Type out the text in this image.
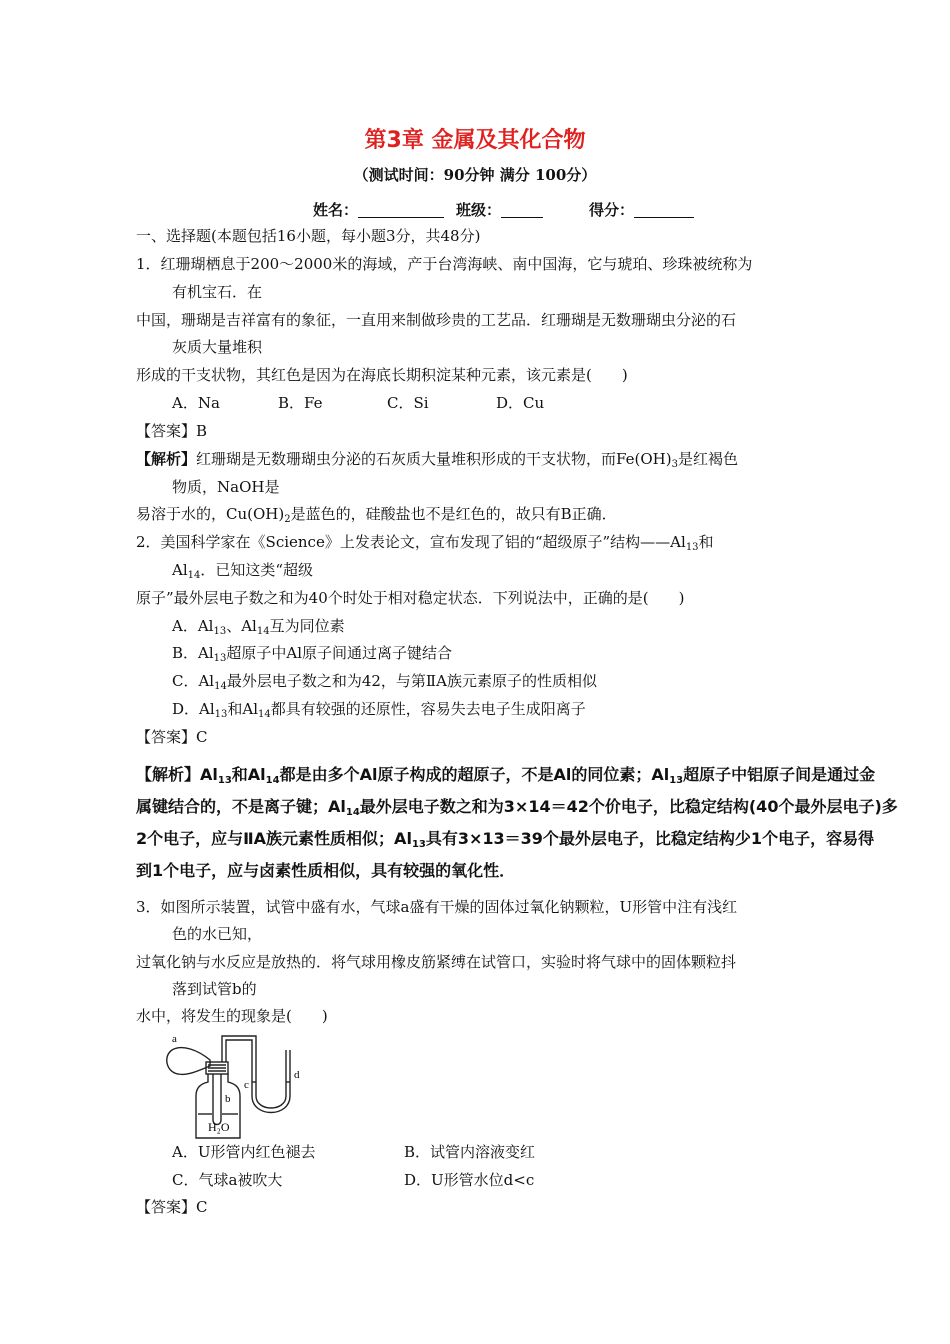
第3章 金属及其化合物
（测试时间：90分钟 满分 100分）
姓名：	班级：	得分：
一、选择题(本题包括16小题，每小题3分，共48分)
1．红珊瑚栖息于200～2000米的海域，产于台湾海峡、南中国海，它与琥珀、珍珠被统称为
有机宝石．在
中国，珊瑚是吉祥富有的象征，一直用来制做珍贵的工艺品．红珊瑚是无数珊瑚虫分泌的石
灰质大量堆积
形成的干支状物，其红色是因为在海底长期积淀某种元素，该元素是(　　)
A．Na	B．Fe	C．Si	D．Cu
【答案】B
【解析】红珊瑚是无数珊瑚虫分泌的石灰质大量堆积形成的干支状物，而$Fe(OH)_3$是红褐色
物质，NaOH是
易溶于水的，$Cu(OH)_2$是蓝色的，硅酸盐也不是红色的，故只有B正确．
2．美国科学家在《Science》上发表论文，宣布发现了铝的“超级原子”结构$——Al_{13}$和
$Al_{14}$．已知这类“超级
原子”最外层电子数之和为40个时处于相对稳定状态．下列说法中，正确的是(　　)
A．$Al_{13}$、$Al_{14}$互为同位素
B．$Al_{13}$超原子中Al原子间通过离子键结合
C．$Al_{14}$最外层电子数之和为42，与第ⅡA族元素原子的性质相似
D．$Al_{13}$和$Al_{14}$都具有较强的还原性，容易失去电子生成阳离子
【答案】C
【解析】$Al_{13}$和$Al_{14}$都是由多个Al原子构成的超原子，不是Al的同位素；$Al_{13}$超原子中铝原子间是通过金
属键结合的，不是离子键；$Al_{14}$最外层电子数之和为3×14＝42个价电子，比稳定结构(40个最外层电子)多
2个电子，应与ⅡA族元素性质相似；$Al_{13}$具有3×13＝39个最外层电子，比稳定结构少1个电子，容易得
到1个电子，应与卤素性质相似，具有较强的氧化性．
3．如图所示装置，试管中盛有水，气球a盛有干燥的固体过氧化钠颗粒，U形管中注有浅红
色的水已知，
过氧化钠与水反应是放热的．将气球用橡皮筋紧缚在试管口，实验时将气球中的固体颗粒抖
落到试管b的
水中，将发生的现象是(　　)
a
b
c
d
H₂O
A．U形管内红色褪去	B．试管内溶液变红
C．气球a被吹大	D．U形管水位d<c
【答案】C
